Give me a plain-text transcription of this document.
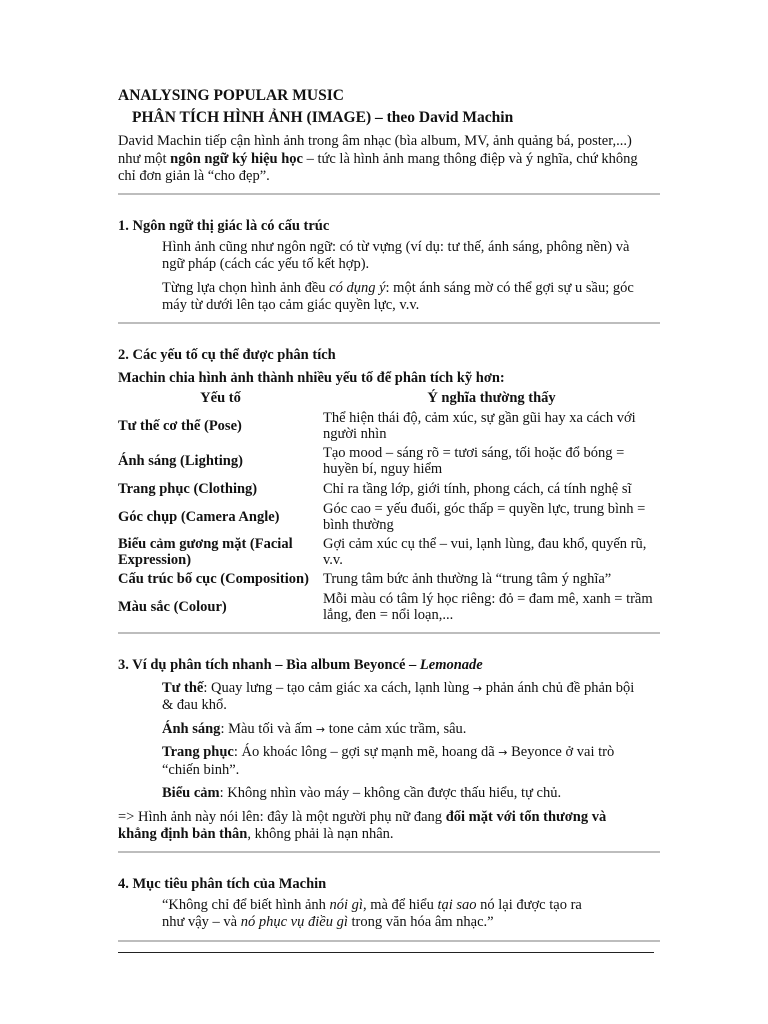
ANALYSING POPULAR MUSIC

PHÂN TÍCH HÌNH ẢNH (IMAGE) – theo David Machin

David Machin tiếp cận hình ảnh trong âm nhạc (bìa album, MV, ảnh quảng bá, poster,...) như một ngôn ngữ ký hiệu học – tức là hình ảnh mang thông điệp và ý nghĩa, chứ không chỉ đơn giản là “cho đẹp”.

1. Ngôn ngữ thị giác là có cấu trúc

Hình ảnh cũng như ngôn ngữ: có từ vựng (ví dụ: tư thế, ánh sáng, phông nền) và ngữ pháp (cách các yếu tố kết hợp).

Từng lựa chọn hình ảnh đều có dụng ý: một ánh sáng mờ có thể gợi sự u sầu; góc máy từ dưới lên tạo cảm giác quyền lực, v.v.

2. Các yếu tố cụ thể được phân tích

Machin chia hình ảnh thành nhiều yếu tố để phân tích kỹ hơn:

Yếu tố	Ý nghĩa thường thấy
Tư thế cơ thể (Pose)	Thể hiện thái độ, cảm xúc, sự gần gũi hay xa cách với người nhìn
Ánh sáng (Lighting)	Tạo mood – sáng rõ = tươi sáng, tối hoặc đổ bóng = huyền bí, nguy hiểm
Trang phục (Clothing)	Chỉ ra tầng lớp, giới tính, phong cách, cá tính nghệ sĩ
Góc chụp (Camera Angle)	Góc cao = yếu đuối, góc thấp = quyền lực, trung bình = bình thường
Biểu cảm gương mặt (Facial Expression)	Gợi cảm xúc cụ thể – vui, lạnh lùng, đau khổ, quyến rũ, v.v.
Cấu trúc bố cục (Composition)	Trung tâm bức ảnh thường là “trung tâm ý nghĩa”
Màu sắc (Colour)	Mỗi màu có tâm lý học riêng: đỏ = đam mê, xanh = trầm lắng, đen = nổi loạn,...

3. Ví dụ phân tích nhanh – Bìa album Beyoncé – Lemonade

Tư thế: Quay lưng – tạo cảm giác xa cách, lạnh lùng → phản ánh chủ đề phản bội & đau khổ.

Ánh sáng: Màu tối và ấm → tone cảm xúc trầm, sâu.

Trang phục: Áo khoác lông – gợi sự mạnh mẽ, hoang dã → Beyonce ở vai trò “chiến binh”.

Biểu cảm: Không nhìn vào máy – không cần được thấu hiểu, tự chủ.

=> Hình ảnh này nói lên: đây là một người phụ nữ đang đối mặt với tổn thương và khẳng định bản thân, không phải là nạn nhân.

4. Mục tiêu phân tích của Machin

“Không chỉ để biết hình ảnh nói gì, mà để hiểu tại sao nó lại được tạo ra như vậy – và nó phục vụ điều gì trong văn hóa âm nhạc.”
